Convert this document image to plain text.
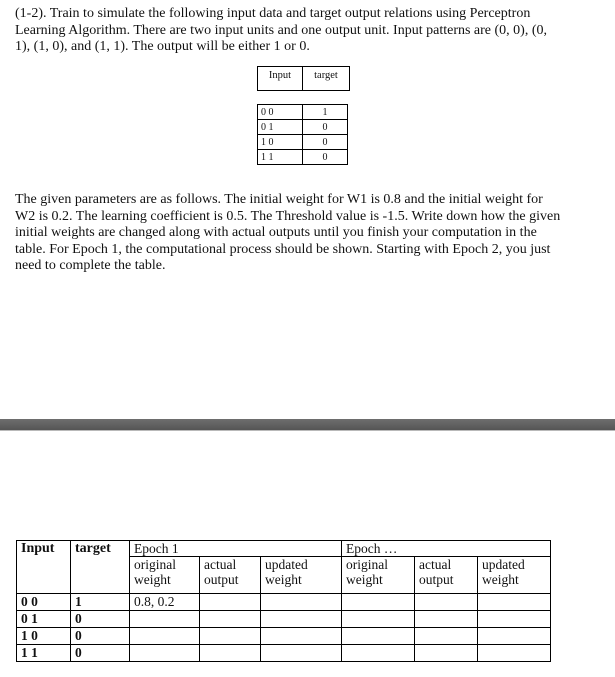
(1-2). Train to simulate the following input data and target output relations using Perceptron
Learning Algorithm. There are two input units and one output unit. Input patterns are (0, 0), (0,
1), (1, 0), and (1, 1). The output will be either 1 or 0.
Input	target
0 0	1
0 1	0
1 0	0
1 1	0
The given parameters are as follows. The initial weight for W1 is 0.8 and the initial weight for
W2 is 0.2. The learning coefficient is 0.5. The Threshold value is -1.5. Write down how the given
initial weights are changed along with actual outputs until you finish your computation in the
table. For Epoch 1, the computational process should be shown. Starting with Epoch 2, you just
need to complete the table.
Input	target	Epoch 1			Epoch …		
		original weight	actual output	updated weight	original weight	actual output	updated weight
0 0	1	0.8, 0.2					
0 1	0						
1 0	0						
1 1	0						
